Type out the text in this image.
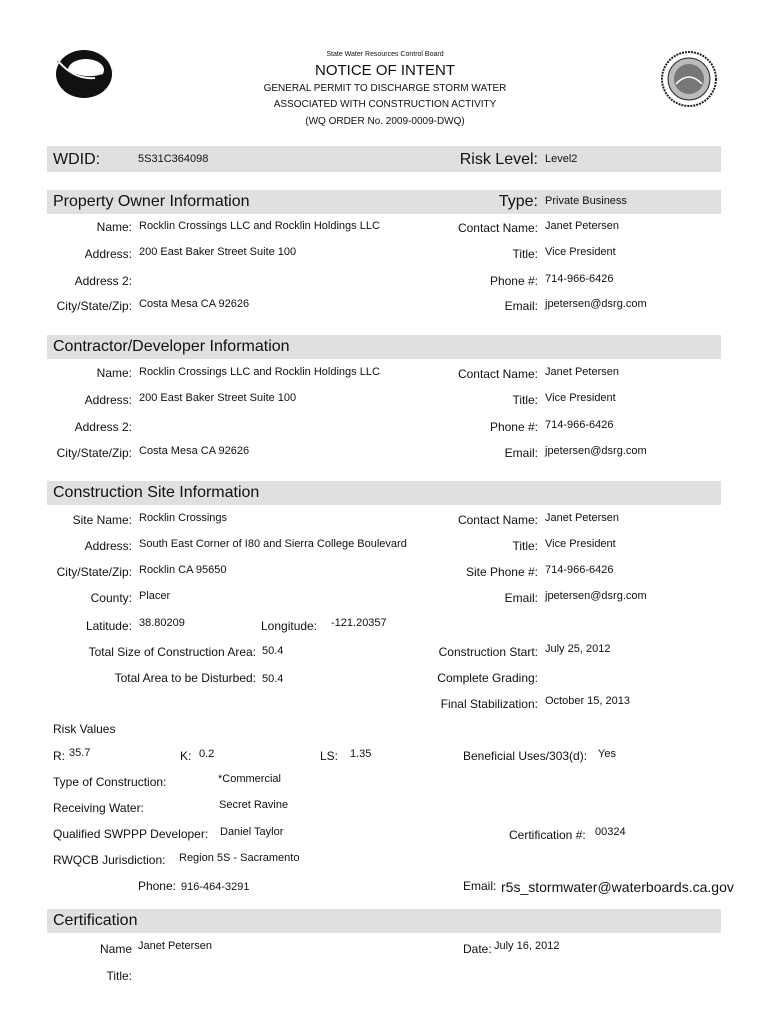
State Water Resources Control Board
NOTICE OF INTENT
GENERAL PERMIT TO DISCHARGE STORM WATER
ASSOCIATED WITH CONSTRUCTION ACTIVITY
(WQ ORDER No. 2009-0009-DWQ)
WDID:	5S31C364098	Risk Level: Level2
Property Owner Information	Type: Private Business
Name: Rocklin Crossings LLC and Rocklin Holdings LLC	Contact Name: Janet Petersen
Address: 200 East Baker Street Suite 100	Title: Vice President
Address 2:	Phone #: 714-966-6426
City/State/Zip: Costa Mesa CA 92626	Email: jpetersen@dsrg.com
Contractor/Developer Information
Name: Rocklin Crossings LLC and Rocklin Holdings LLC	Contact Name: Janet Petersen
Address: 200 East Baker Street Suite 100	Title: Vice President
Address 2:	Phone #: 714-966-6426
City/State/Zip: Costa Mesa CA 92626	Email: jpetersen@dsrg.com
Construction Site Information
Site Name: Rocklin Crossings	Contact Name: Janet Petersen
Address: South East Corner of I80 and Sierra College Boulevard	Title: Vice President
City/State/Zip: Rocklin CA 95650	Site Phone #: 714-966-6426
County: Placer	Email: jpetersen@dsrg.com
Latitude: 38.80209	Longitude: -121.20357
Total Size of Construction Area: 50.4	Construction Start: July 25, 2012
Total Area to be Disturbed: 50.4	Complete Grading:
Final Stabilization: October 15, 2013
Risk Values
R: 35.7	K: 0.2	LS: 1.35	Beneficial Uses/303(d): Yes
Type of Construction:	*Commercial
Receiving Water:	Secret Ravine
Qualified SWPPP Developer: Daniel Taylor	Certification #: 00324
RWQCB Jurisdiction: Region 5S - Sacramento
Phone: 916-464-3291	Email: r5s_stormwater@waterboards.ca.gov
Certification
Name Janet Petersen	Date: July 16, 2012
Title:
